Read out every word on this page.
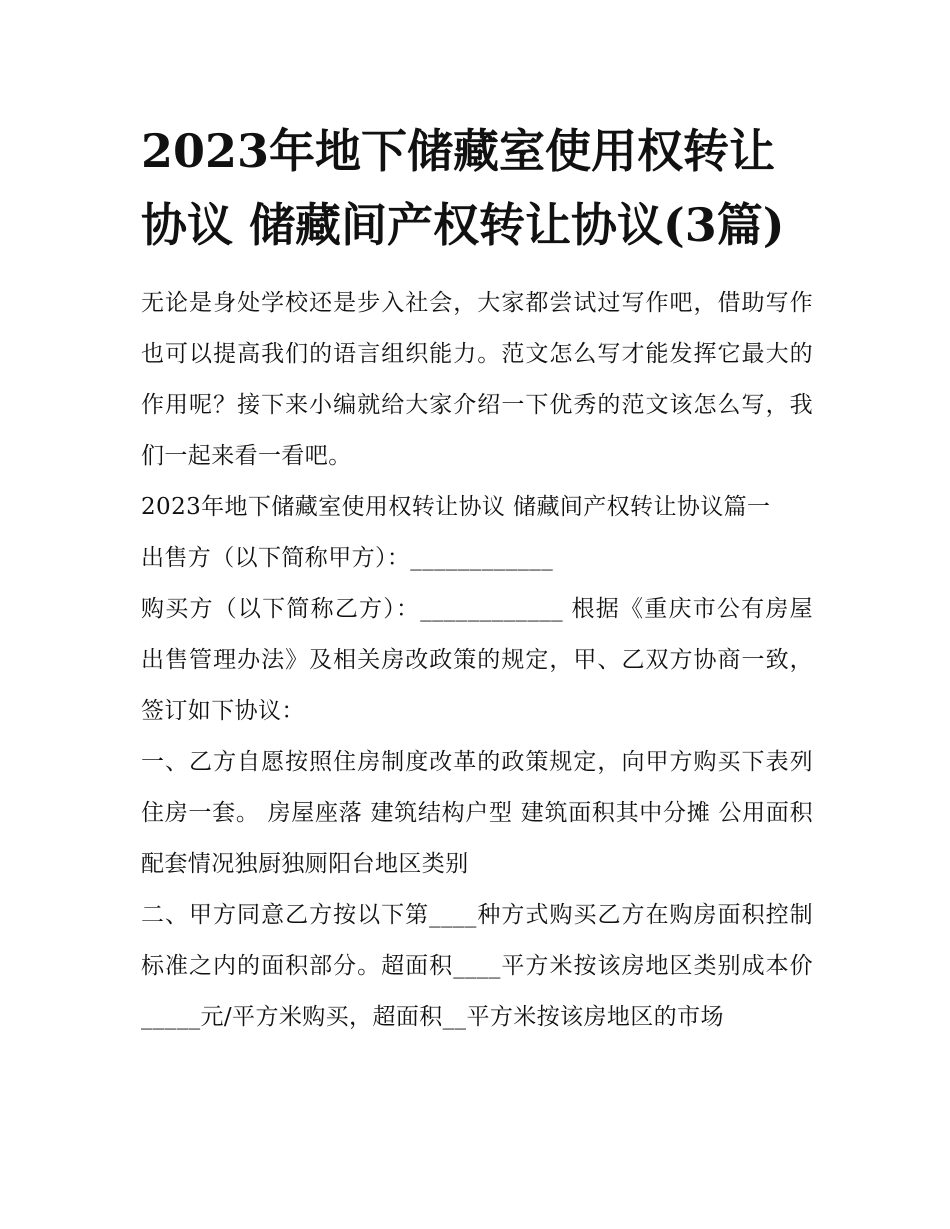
2023年地下储藏室使用权转让协议 储藏间产权转让协议(3篇)

无论是身处学校还是步入社会，大家都尝试过写作吧，借助写作也可以提高我们的语言组织能力。范文怎么写才能发挥它最大的作用呢？接下来小编就给大家介绍一下优秀的范文该怎么写，我们一起来看一看吧。

2023年地下储藏室使用权转让协议 储藏间产权转让协议篇一

出售方（以下简称甲方）：____________

购买方（以下简称乙方）：____________ 根据《重庆市公有房屋出售管理办法》及相关房改政策的规定，甲、乙双方协商一致，签订如下协议：

一、乙方自愿按照住房制度改革的政策规定，向甲方购买下表列住房一套。 房屋座落 建筑结构户型 建筑面积其中分摊 公用面积 配套情况独厨独厕阳台地区类别

二、甲方同意乙方按以下第____种方式购买乙方在购房面积控制标准之内的面积部分。超面积____平方米按该房地区类别成本价_____元/平方米购买，超面积__平方米按该房地区的市场
